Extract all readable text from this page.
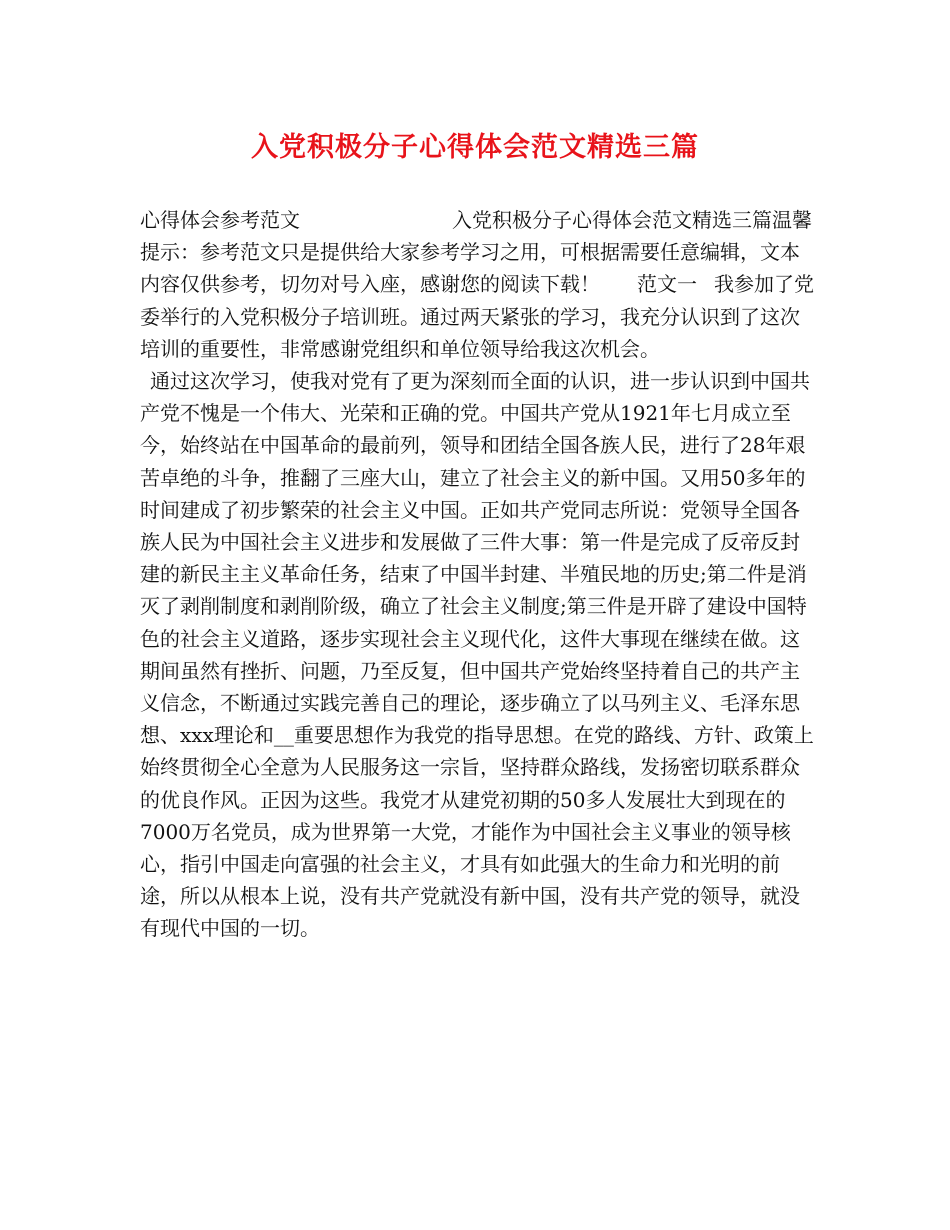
入党积极分子心得体会范文精选三篇

心得体会参考范文	入党积极分子心得体会范文精选三篇温馨提示：参考范文只是提供给大家参考学习之用，可根据需要任意编辑，文本内容仅供参考，切勿对号入座，感谢您的阅读下载！ 范文一 我参加了党委举行的入党积极分子培训班。通过两天紧张的学习，我充分认识到了这次培训的重要性，非常感谢党组织和单位领导给我这次机会。

通过这次学习，使我对党有了更为深刻而全面的认识，进一步认识到中国共产党不愧是一个伟大、光荣和正确的党。中国共产党从1921年七月成立至今，始终站在中国革命的最前列，领导和团结全国各族人民，进行了28年艰苦卓绝的斗争，推翻了三座大山，建立了社会主义的新中国。又用50多年的时间建成了初步繁荣的社会主义中国。正如共产党同志所说：党领导全国各族人民为中国社会主义进步和发展做了三件大事：第一件是完成了反帝反封建的新民主主义革命任务，结束了中国半封建、半殖民地的历史;第二件是消灭了剥削制度和剥削阶级，确立了社会主义制度;第三件是开辟了建设中国特色的社会主义道路，逐步实现社会主义现代化，这件大事现在继续在做。这期间虽然有挫折、问题，乃至反复，但中国共产党始终坚持着自己的共产主义信念，不断通过实践完善自己的理论，逐步确立了以马列主义、毛泽东思想、xxx理论和__重要思想作为我党的指导思想。在党的路线、方针、政策上始终贯彻全心全意为人民服务这一宗旨，坚持群众路线，发扬密切联系群众的优良作风。正因为这些。我党才从建党初期的50多人发展壮大到现在的7000万名党员，成为世界第一大党，才能作为中国社会主义事业的领导核心，指引中国走向富强的社会主义，才具有如此强大的生命力和光明的前途，所以从根本上说，没有共产党就没有新中国，没有共产党的领导，就没有现代中国的一切。
